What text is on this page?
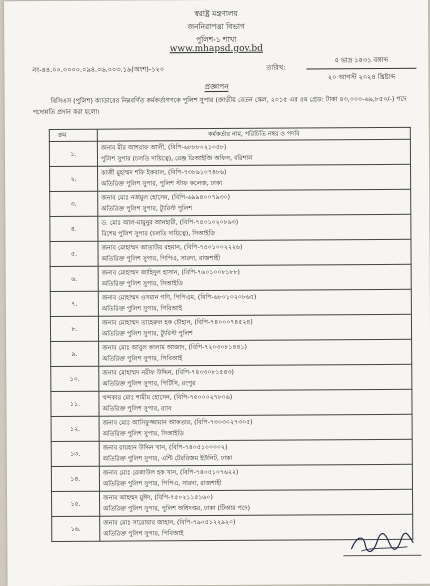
স্বরাষ্ট্র মন্ত্রণালয়
জননিরাপত্তা বিভাগ
পুলিশ-১ শাখা
www.mhapsd.gov.bd
নং-৪৪.০০.০০০০.০৯৪.০৬.০০৩.১৯(অংশ)-১২০	তারিখ:
৫ ভাদ্র ১৪৩১ বঙ্গাব্দ
২০ আগস্ট ২০২৪ খ্রিষ্টাব্দ
প্রজ্ঞাপন
বিসিএস (পুলিশ) ক্যাডারের নিম্নবর্ণিত কর্মকর্তাগণকে পুলিশ সুপার (জাতীয় বেতন স্কেল, ২০১৫ এর ৫ম গ্রেড: টাকা ৪৩,০০০-৬৯,৮৫০/-) পদে পদোন্নতি প্রদান করা হলো।
ক্রম	কর্মকর্তার নাম, পরিচিতি নম্বর ও পদবি
১.	জনাব মীর আশরাফ আলী, (বিপি-৬৮৮৮০২১০৫৮)
পুলিশ সুপার (চলতি দায়িত্বে), রেঞ্জ ডিআইজি অফিস, বরিশাল

২.	কাজী মুহাম্মদ শফি ইকবাল, (বিপি-৭৩৮৯১০৭৪৮৬)
অতিরিক্ত পুলিশ সুপার, পুলিশ স্টাফ কলেজ, ঢাকা

৩.	জনাব মোঃ নজমুল হোসেন, (বিপি-৬৯৯৪০০৭৯৩০)
অতিরিক্ত পুলিশ সুপার, ট্যুরিস্ট পুলিশ

৪.	ড. মোঃ আল-মামুনুর আনহারী, (বিপি-৭৫০১০২০৮৯৩)
বিশেষ পুলিশ সুপার (চলতি দায়িত্বে), সিআইডি

৫.	জনাব মোহাম্মদ আতাউর রহমান, (বিপি-৭৫০১০০২২২৬)
অতিরিক্ত পুলিশ সুপার, পিপিএ, সারদা, রাজশাহী

৬.	জনাব মোহাম্মদ জাহিদুল হাসান, (বিপি-৭৬০১০০৮১৮৮)
অতিরিক্ত পুলিশ সুপার, সিআইডি

৭.	জনাব মোহাম্মদ ওসমান গণি, পিপিএম, (বিপি-৬৮০১০২০৮৬৫)
অতিরিক্ত পুলিশ সুপার, পিবিআই

৮.	জনাব মোহাম্মদ তাহেরুল হক চৌহান, (বিপি-৭৪০০০৭৪৫২৪)
অতিরিক্ত পুলিশ সুপার, ট্যুরিস্ট পুলিশ

৯.	জনাব মোঃ আবুল কালাম আজাদ, (বিপি-৭২০৩০৮১৪৪১)
অতিরিক্ত পুলিশ সুপার, পিবিআই

১০.	জনাব মোহাম্মদ নরীফ উদ্দিন, (বিপি-৭৪০৩০৮১৫৪৩)
অতিরিক্ত পুলিশ সুপার, পিটিসি, রংপুর

১১.	খন্দকার মোঃ শামীম হোসেন, (বিপি-৭৫০০০২৭৮০৬)
অতিরিক্ত পুলিশ সুপার, র‍্যাব

১২.	জনাব মোঃ আসিফুজ্জামান আকতার, (বিপি-৭৩০৩০২৭৩০৫)
অতিরিক্ত পুলিশ সুপার, সিআইডি

১৩.	জনাব রায়হান উদ্দিন খান, (বিপি-৭৪০৫১০০০০২)
অতিরিক্ত পুলিশ সুপার, এন্টি টেররিজম ইউনিট, ঢাকা

১৪.	জনাব মোঃ রেজাউল হক খান, (বিপি-৭৪০৫১০৭৬২২)
অতিরিক্ত পুলিশ সুপার, পিপিএ, সারদা, রাজশাহী

১৫.	জনাব আহম্মদ মুঈদ, (বিপি-৭৫০২১১৫১৬০)
অতিরিক্ত পুলিশ সুপার, পুলিশ অধিদপ্তর, ঢাকা (টিআর পদে)

১৬.	জনাব মোঃ সারোয়ার জাহান, (বিপি-৭৯০৫১২২৯২০)
অতিরিক্ত পুলিশ সুপার, পিবিআই
